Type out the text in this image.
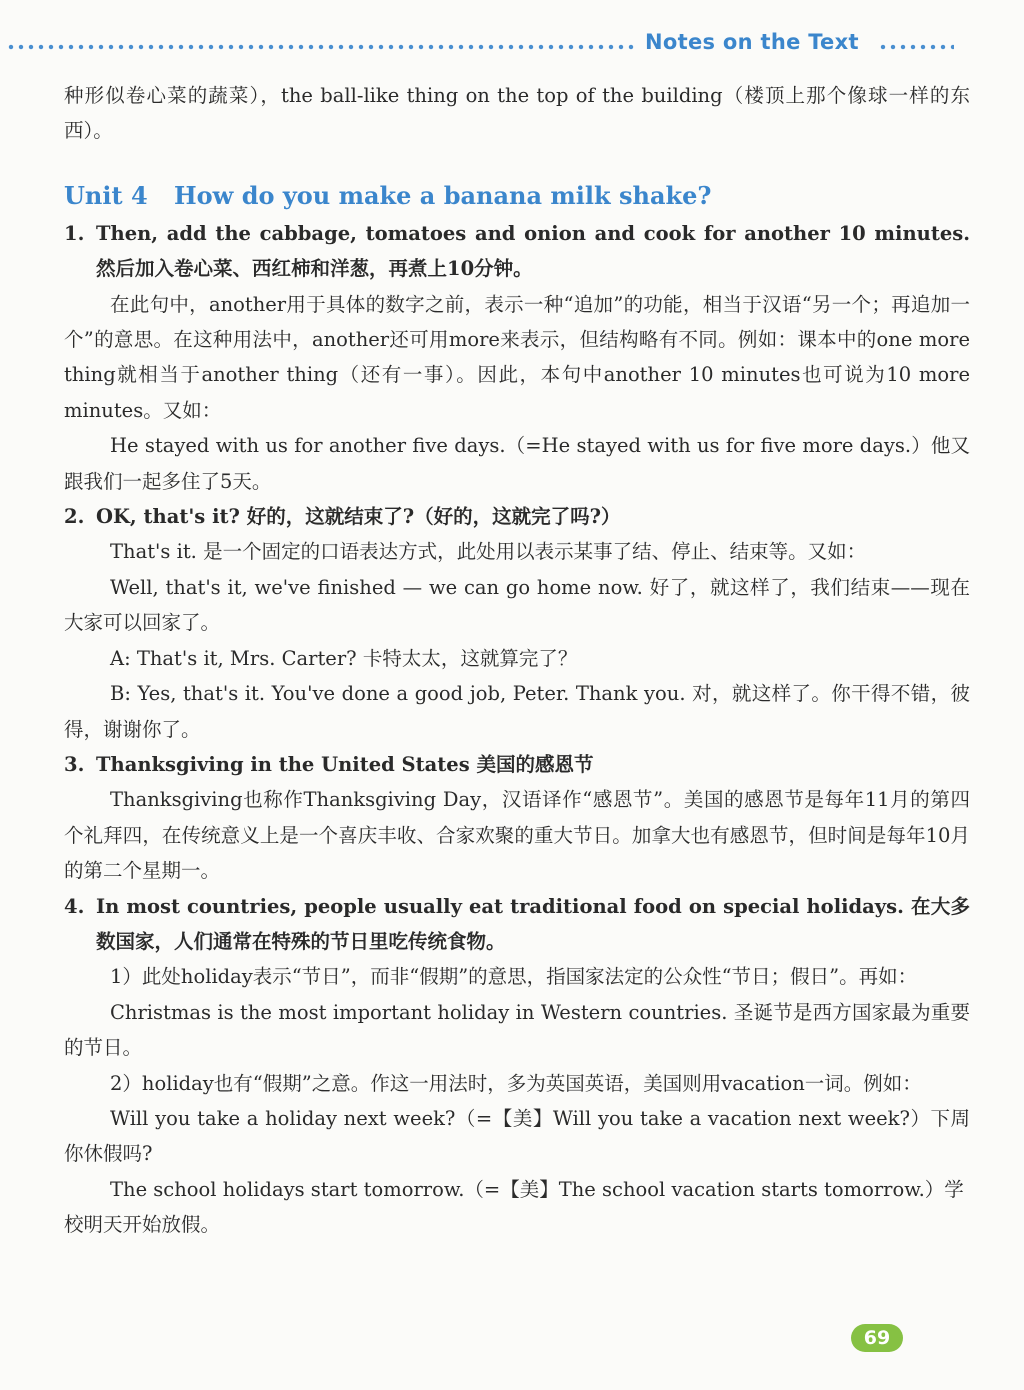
Notes on the Text

种形似卷心菜的蔬菜），the ball-like thing on the top of the building（楼顶上那个像球一样的东西）。

Unit 4 How do you make a banana milk shake?

1. Then, add the cabbage, tomatoes and onion and cook for another 10 minutes. 然后加入卷心菜、西红柿和洋葱，再煮上10分钟。

在此句中，another用于具体的数字之前，表示一种“追加”的功能，相当于汉语“另一个；再追加一个”的意思。在这种用法中，another还可用more来表示，但结构略有不同。例如：课本中的one more thing就相当于another thing（还有一事）。因此，本句中another 10 minutes也可说为10 more minutes。又如：

He stayed with us for another five days.（=He stayed with us for five more days.）他又跟我们一起多住了5天。

2. OK, that's it? 好的，这就结束了?（好的，这就完了吗?）

That's it. 是一个固定的口语表达方式，此处用以表示某事了结、停止、结束等。又如：

Well, that's it, we've finished — we can go home now. 好了，就这样了，我们结束——现在大家可以回家了。

A: That's it, Mrs. Carter? 卡特太太，这就算完了？

B: Yes, that's it. You've done a good job, Peter. Thank you. 对，就这样了。你干得不错，彼得，谢谢你了。

3. Thanksgiving in the United States 美国的感恩节

Thanksgiving也称作Thanksgiving Day，汉语译作“感恩节”。美国的感恩节是每年11月的第四个礼拜四，在传统意义上是一个喜庆丰收、合家欢聚的重大节日。加拿大也有感恩节，但时间是每年10月的第二个星期一。

4. In most countries, people usually eat traditional food on special holidays. 在大多数国家，人们通常在特殊的节日里吃传统食物。

1）此处holiday表示“节日”，而非“假期”的意思，指国家法定的公众性“节日；假日”。再如：

Christmas is the most important holiday in Western countries. 圣诞节是西方国家最为重要的节日。

2）holiday也有“假期”之意。作这一用法时，多为英国英语，美国则用vacation一词。例如：

Will you take a holiday next week?（=【美】Will you take a vacation next week?）下周你休假吗?

The school holidays start tomorrow.（=【美】The school vacation starts tomorrow.）学校明天开始放假。

69
